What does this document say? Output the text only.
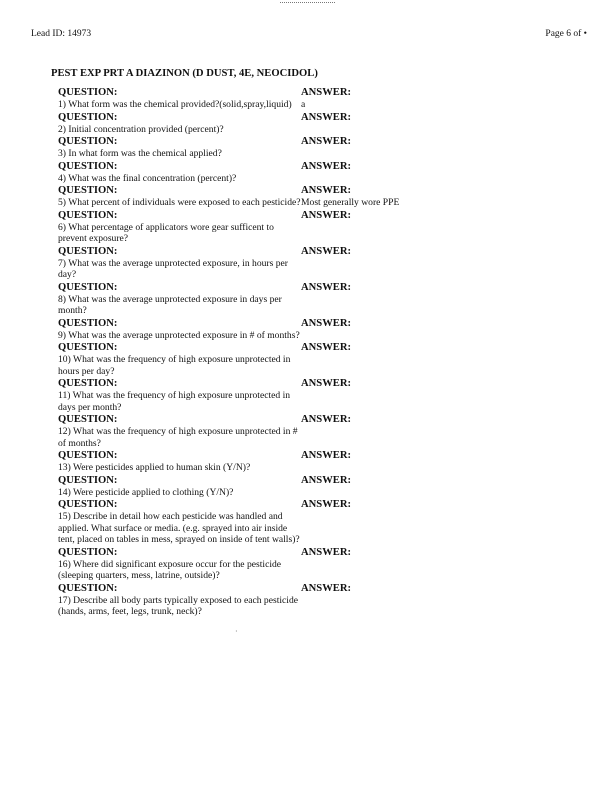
Lead ID: 14973	Page 6 of •
PEST EXP PRT A DIAZINON (D DUST, 4E, NEOCIDOL)
QUESTION:
1) What form was the chemical provided?(solid,spray,liquid)
ANSWER:
a
QUESTION:
2) Initial concentration provided (percent)?
ANSWER:
QUESTION:
3) In what form was the chemical applied?
ANSWER:
QUESTION:
4) What was the final concentration (percent)?
ANSWER:
QUESTION:
5) What percent of individuals were exposed to each pesticide?
ANSWER:
Most generally wore PPE
QUESTION:
6) What percentage of applicators wore gear sufficent to prevent exposure?
ANSWER:
QUESTION:
7) What was the average unprotected exposure, in hours per day?
ANSWER:
QUESTION:
8) What was the average unprotected exposure in days per month?
ANSWER:
QUESTION:
9) What was the average unprotected exposure in # of months?
ANSWER:
QUESTION:
10) What was the frequency of high exposure unprotected in hours per day?
ANSWER:
QUESTION:
11) What was the frequency of high exposure unprotected in days per month?
ANSWER:
QUESTION:
12) What was the frequency of high exposure unprotected in # of months?
ANSWER:
QUESTION:
13) Were pesticides applied to human skin (Y/N)?
ANSWER:
QUESTION:
14) Were pesticide applied to clothing (Y/N)?
ANSWER:
QUESTION:
15) Describe in detail how each pesticide was handled and applied. What surface or media. (e.g. sprayed into air inside tent, placed on tables in mess, sprayed on inside of tent walls)?
ANSWER:
QUESTION:
16) Where did significant exposure occur for the pesticide (sleeping quarters, mess, latrine, outside)?
ANSWER:
QUESTION:
17) Describe all body parts typically exposed to each pesticide (hands, arms, feet, legs, trunk, neck)?
ANSWER:
·
